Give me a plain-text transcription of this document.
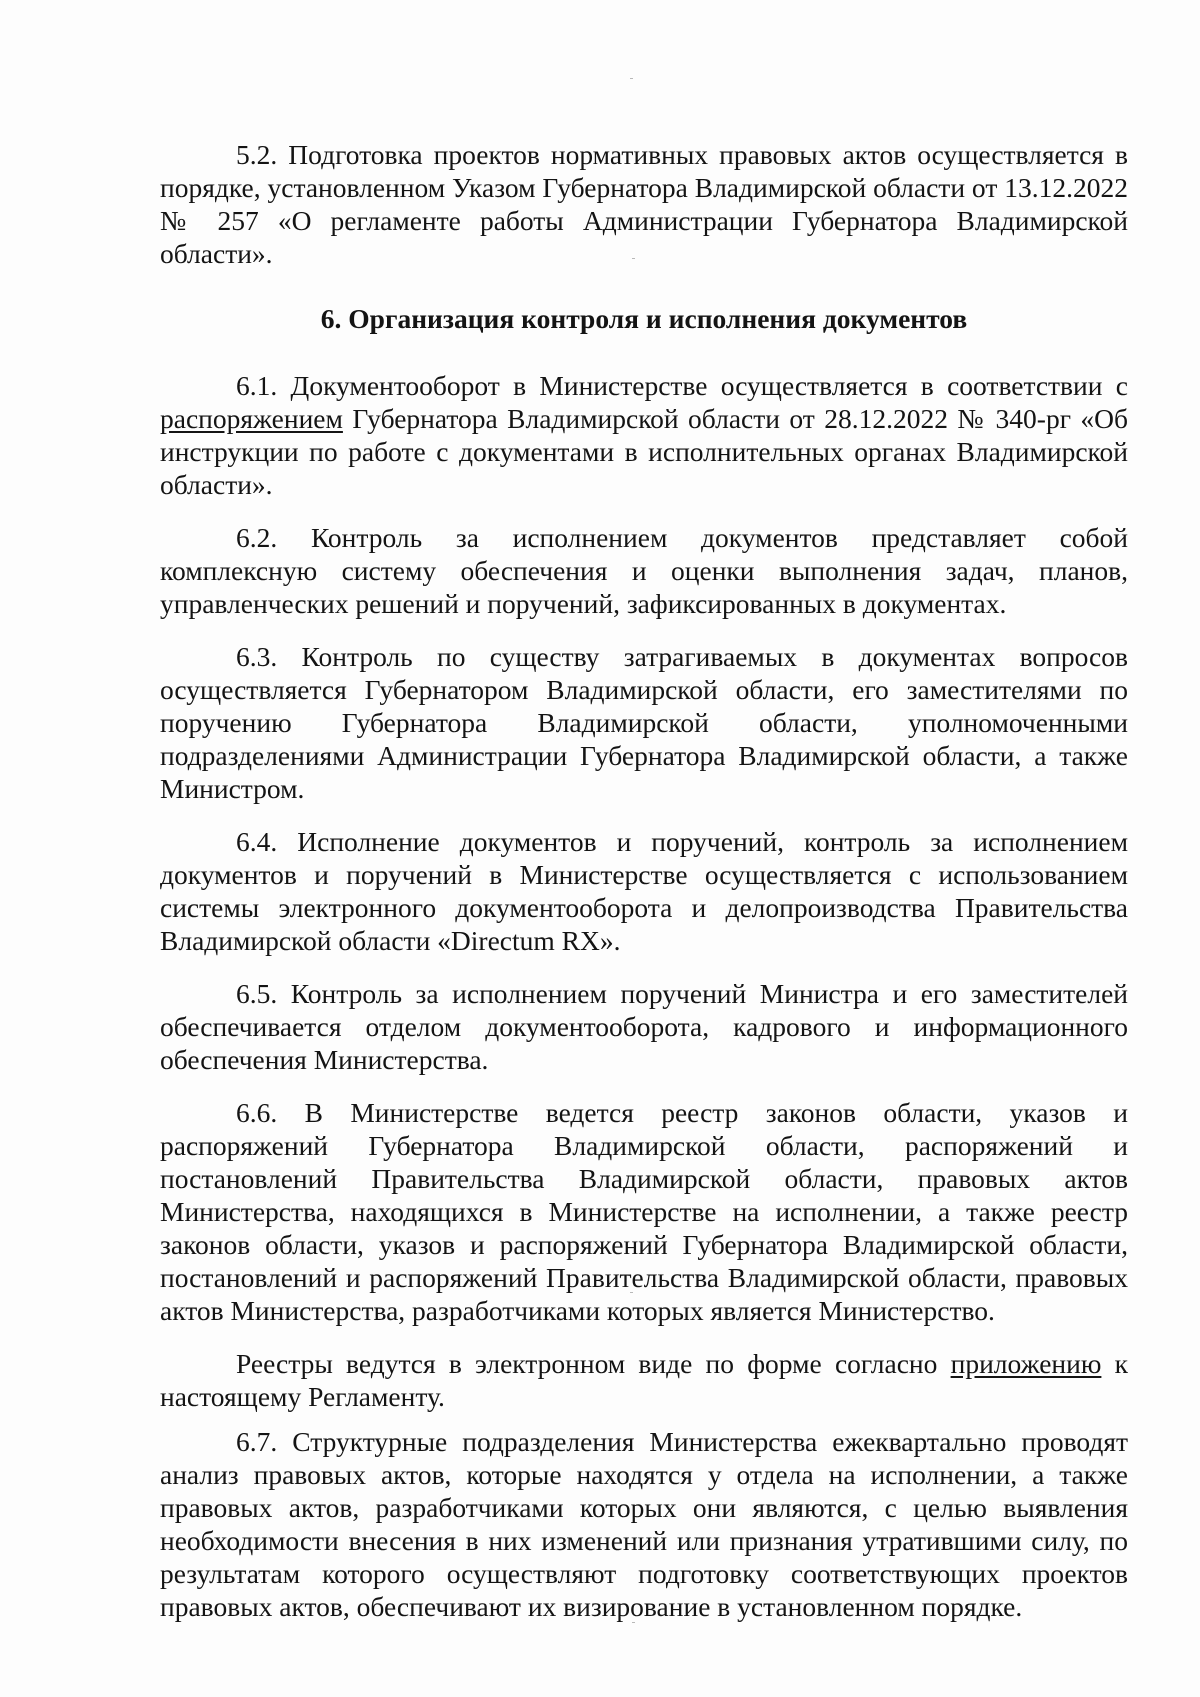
5.2. Подготовка проектов нормативных правовых актов осуществляется в порядке, установленном Указом Губернатора Владимирской области от 13.12.2022 № 257 «О регламенте работы Администрации Губернатора Владимирской области».

6. Организация контроля и исполнения документов

6.1. Документооборот в Министерстве осуществляется в соответствии с распоряжением Губернатора Владимирской области от 28.12.2022 № 340-рг «Об инструкции по работе с документами в исполнительных органах Владимирской области».

6.2. Контроль за исполнением документов представляет собой комплексную систему обеспечения и оценки выполнения задач, планов, управленческих решений и поручений, зафиксированных в документах.

6.3. Контроль по существу затрагиваемых в документах вопросов осуществляется Губернатором Владимирской области, его заместителями по поручению Губернатора Владимирской области, уполномоченными подразделениями Администрации Губернатора Владимирской области, а также Министром.

6.4. Исполнение документов и поручений, контроль за исполнением документов и поручений в Министерстве осуществляется с использованием системы электронного документооборота и делопроизводства Правительства Владимирской области «Directum RX».

6.5. Контроль за исполнением поручений Министра и его заместителей обеспечивается отделом документооборота, кадрового и информационного обеспечения Министерства.

6.6. В Министерстве ведется реестр законов области, указов и распоряжений Губернатора Владимирской области, распоряжений и постановлений Правительства Владимирской области, правовых актов Министерства, находящихся в Министерстве на исполнении, а также реестр законов области, указов и распоряжений Губернатора Владимирской области, постановлений и распоряжений Правительства Владимирской области, правовых актов Министерства, разработчиками которых является Министерство.

Реестры ведутся в электронном виде по форме согласно приложению к настоящему Регламенту.

6.7. Структурные подразделения Министерства ежеквартально проводят анализ правовых актов, которые находятся у отдела на исполнении, а также правовых актов, разработчиками которых они являются, с целью выявления необходимости внесения в них изменений или признания утратившими силу, по результатам которого осуществляют подготовку соответствующих проектов правовых актов, обеспечивают их визирование в установленном порядке.
